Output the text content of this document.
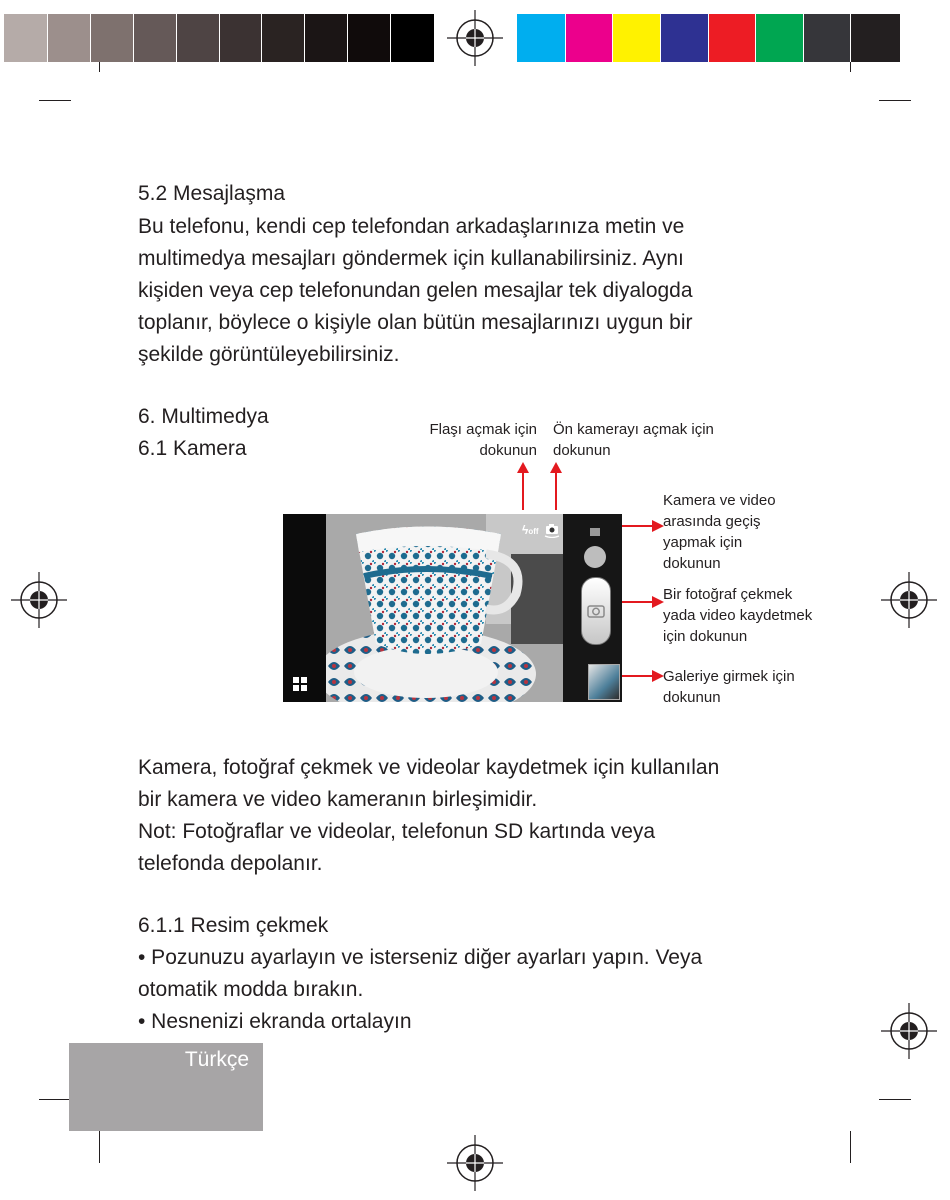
5.2 Mesajlaşma
Bu telefonu, kendi cep telefondan arkadaşlarınıza metin ve
multimedya mesajları göndermek için kullanabilirsiniz. Aynı
kişiden veya cep telefonundan gelen mesajlar tek diyalogda
toplanır, böylece o kişiyle olan bütün mesajlarınızı uygun bir
şekilde görüntüleyebilirsiniz.
6. Multimedya
6.1 Kamera
Flaşı açmak için
dokunun
Ön kamerayı açmak için
dokunun
ϟoff
Kamera ve video
arasında geçiş
yapmak için
dokunun
Bir fotoğraf çekmek
yada video kaydetmek
için dokunun
Galeriye girmek için
dokunun
Kamera, fotoğraf çekmek ve videolar kaydetmek için kullanılan
bir kamera ve video kameranın birleşimidir.
Not: Fotoğraflar ve videolar, telefonun SD kartında veya
telefonda depolanır.
6.1.1 Resim çekmek
• Pozunuzu ayarlayın ve isterseniz diğer ayarları yapın. Veya
otomatik modda bırakın.
• Nesnenizi ekranda ortalayın
Türkçe
